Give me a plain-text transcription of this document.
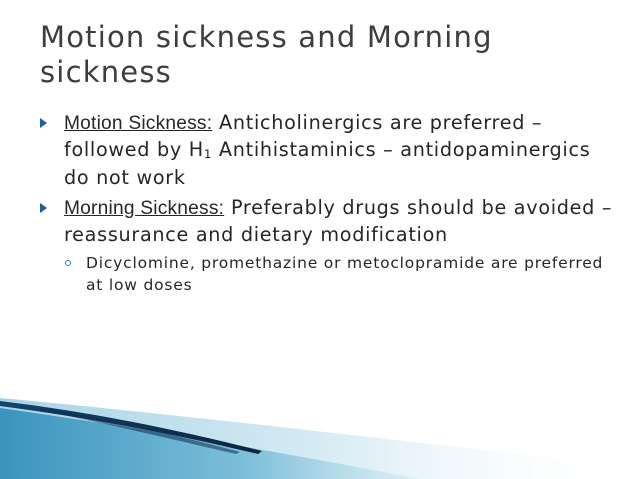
Motion sickness and Morning sickness
Motion Sickness: Anticholinergics are preferred – followed by H1 Antihistaminics – antidopaminergics do not work
Morning Sickness: Preferably drugs should be avoided – reassurance and dietary modification
Dicyclomine, promethazine or metoclopramide are preferred at low doses
